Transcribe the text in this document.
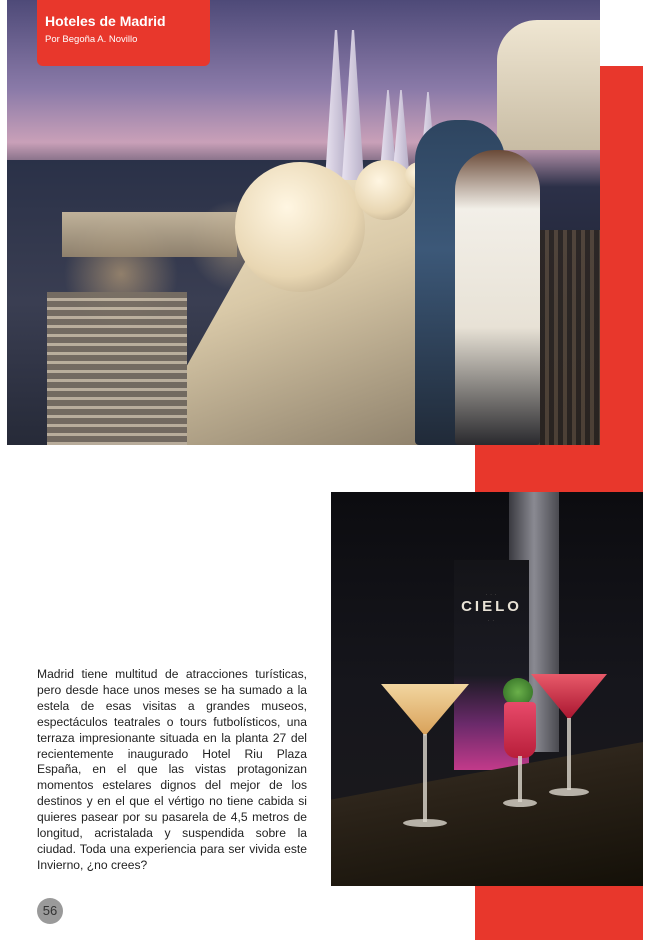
Hoteles de Madrid

Por Begoña A. Novillo

· · ·
CIELO
· ·

Madrid tiene multitud de atracciones turísticas, pero desde hace unos meses se ha sumado a la estela de esas visitas a grandes museos, espectáculos teatrales o tours futbolísticos, una terraza impresionante situada en la planta 27 del recientemente inaugurado Hotel Riu Plaza España, en el que las vistas protagonizan momentos estelares dignos del mejor de los destinos y en el que el vértigo no tiene cabida si quieres pasear por su pasarela de 4,5 metros de longitud, acristalada y suspendida sobre la ciudad. Toda una experiencia para ser vivida este Invierno, ¿no crees?

56
